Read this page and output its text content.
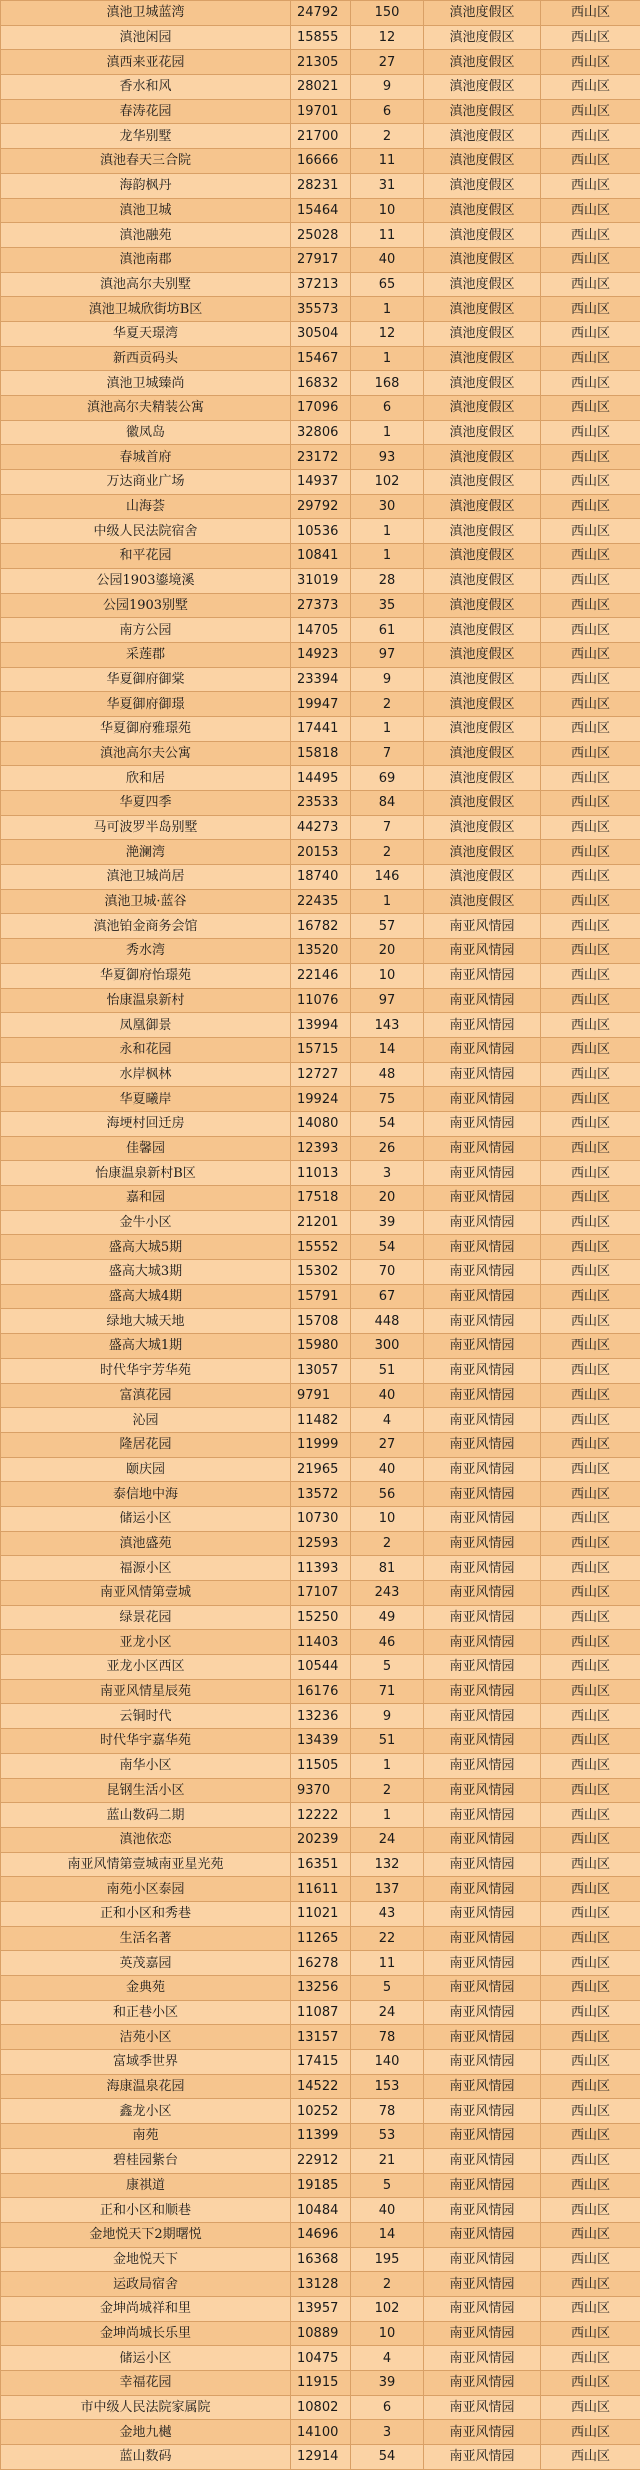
滇池卫城蓝湾	24792	150	滇池度假区	西山区
滇池闲园	15855	12	滇池度假区	西山区
滇西来亚花园	21305	27	滇池度假区	西山区
香水和风	28021	9	滇池度假区	西山区
春涛花园	19701	6	滇池度假区	西山区
龙华别墅	21700	2	滇池度假区	西山区
滇池春天三合院	16666	11	滇池度假区	西山区
海韵枫丹	28231	31	滇池度假区	西山区
滇池卫城	15464	10	滇池度假区	西山区
滇池融苑	25028	11	滇池度假区	西山区
滇池南郡	27917	40	滇池度假区	西山区
滇池高尔夫别墅	37213	65	滇池度假区	西山区
滇池卫城欣街坊B区	35573	1	滇池度假区	西山区
华夏天璟湾	30504	12	滇池度假区	西山区
新西贡码头	15467	1	滇池度假区	西山区
滇池卫城臻尚	16832	168	滇池度假区	西山区
滇池高尔夫精装公寓	17096	6	滇池度假区	西山区
徽凤岛	32806	1	滇池度假区	西山区
春城首府	23172	93	滇池度假区	西山区
万达商业广场	14937	102	滇池度假区	西山区
山海荟	29792	30	滇池度假区	西山区
中级人民法院宿舍	10536	1	滇池度假区	西山区
和平花园	10841	1	滇池度假区	西山区
公园1903鎏境溪	31019	28	滇池度假区	西山区
公园1903别墅	27373	35	滇池度假区	西山区
南方公园	14705	61	滇池度假区	西山区
采莲郡	14923	97	滇池度假区	西山区
华夏御府御棠	23394	9	滇池度假区	西山区
华夏御府御璟	19947	2	滇池度假区	西山区
华夏御府雅璟苑	17441	1	滇池度假区	西山区
滇池高尔夫公寓	15818	7	滇池度假区	西山区
欣和居	14495	69	滇池度假区	西山区
华夏四季	23533	84	滇池度假区	西山区
马可波罗半岛别墅	44273	7	滇池度假区	西山区
滟澜湾	20153	2	滇池度假区	西山区
滇池卫城尚居	18740	146	滇池度假区	西山区
滇池卫城·蓝谷	22435	1	滇池度假区	西山区
滇池铂金商务会馆	16782	57	南亚风情园	西山区
秀水湾	13520	20	南亚风情园	西山区
华夏御府怡璟苑	22146	10	南亚风情园	西山区
怡康温泉新村	11076	97	南亚风情园	西山区
凤凰御景	13994	143	南亚风情园	西山区
永和花园	15715	14	南亚风情园	西山区
水岸枫林	12727	48	南亚风情园	西山区
华夏曦岸	19924	75	南亚风情园	西山区
海埂村回迁房	14080	54	南亚风情园	西山区
佳馨园	12393	26	南亚风情园	西山区
怡康温泉新村B区	11013	3	南亚风情园	西山区
嘉和园	17518	20	南亚风情园	西山区
金牛小区	21201	39	南亚风情园	西山区
盛高大城5期	15552	54	南亚风情园	西山区
盛高大城3期	15302	70	南亚风情园	西山区
盛高大城4期	15791	67	南亚风情园	西山区
绿地大城天地	15708	448	南亚风情园	西山区
盛高大城1期	15980	300	南亚风情园	西山区
时代华宇芳华苑	13057	51	南亚风情园	西山区
富滇花园	9791	40	南亚风情园	西山区
沁园	11482	4	南亚风情园	西山区
隆居花园	11999	27	南亚风情园	西山区
颐庆园	21965	40	南亚风情园	西山区
泰信地中海	13572	56	南亚风情园	西山区
储运小区	10730	10	南亚风情园	西山区
滇池盛苑	12593	2	南亚风情园	西山区
福源小区	11393	81	南亚风情园	西山区
南亚风情第壹城	17107	243	南亚风情园	西山区
绿景花园	15250	49	南亚风情园	西山区
亚龙小区	11403	46	南亚风情园	西山区
亚龙小区西区	10544	5	南亚风情园	西山区
南亚风情星辰苑	16176	71	南亚风情园	西山区
云铜时代	13236	9	南亚风情园	西山区
时代华宇嘉华苑	13439	51	南亚风情园	西山区
南华小区	11505	1	南亚风情园	西山区
昆钢生活小区	9370	2	南亚风情园	西山区
蓝山数码二期	12222	1	南亚风情园	西山区
滇池依恋	20239	24	南亚风情园	西山区
南亚风情第壹城南亚星光苑	16351	132	南亚风情园	西山区
南苑小区泰园	11611	137	南亚风情园	西山区
正和小区和秀巷	11021	43	南亚风情园	西山区
生活名著	11265	22	南亚风情园	西山区
英茂嘉园	16278	11	南亚风情园	西山区
金典苑	13256	5	南亚风情园	西山区
和正巷小区	11087	24	南亚风情园	西山区
洁苑小区	13157	78	南亚风情园	西山区
富域季世界	17415	140	南亚风情园	西山区
海康温泉花园	14522	153	南亚风情园	西山区
鑫龙小区	10252	78	南亚风情园	西山区
南苑	11399	53	南亚风情园	西山区
碧桂园紫台	22912	21	南亚风情园	西山区
康祺道	19185	5	南亚风情园	西山区
正和小区和顺巷	10484	40	南亚风情园	西山区
金地悦天下2期曙悦	14696	14	南亚风情园	西山区
金地悦天下	16368	195	南亚风情园	西山区
运政局宿舍	13128	2	南亚风情园	西山区
金坤尚城祥和里	13957	102	南亚风情园	西山区
金坤尚城长乐里	10889	10	南亚风情园	西山区
储运小区	10475	4	南亚风情园	西山区
幸福花园	11915	39	南亚风情园	西山区
市中级人民法院家属院	10802	6	南亚风情园	西山区
金地九樾	14100	3	南亚风情园	西山区
蓝山数码	12914	54	南亚风情园	西山区
